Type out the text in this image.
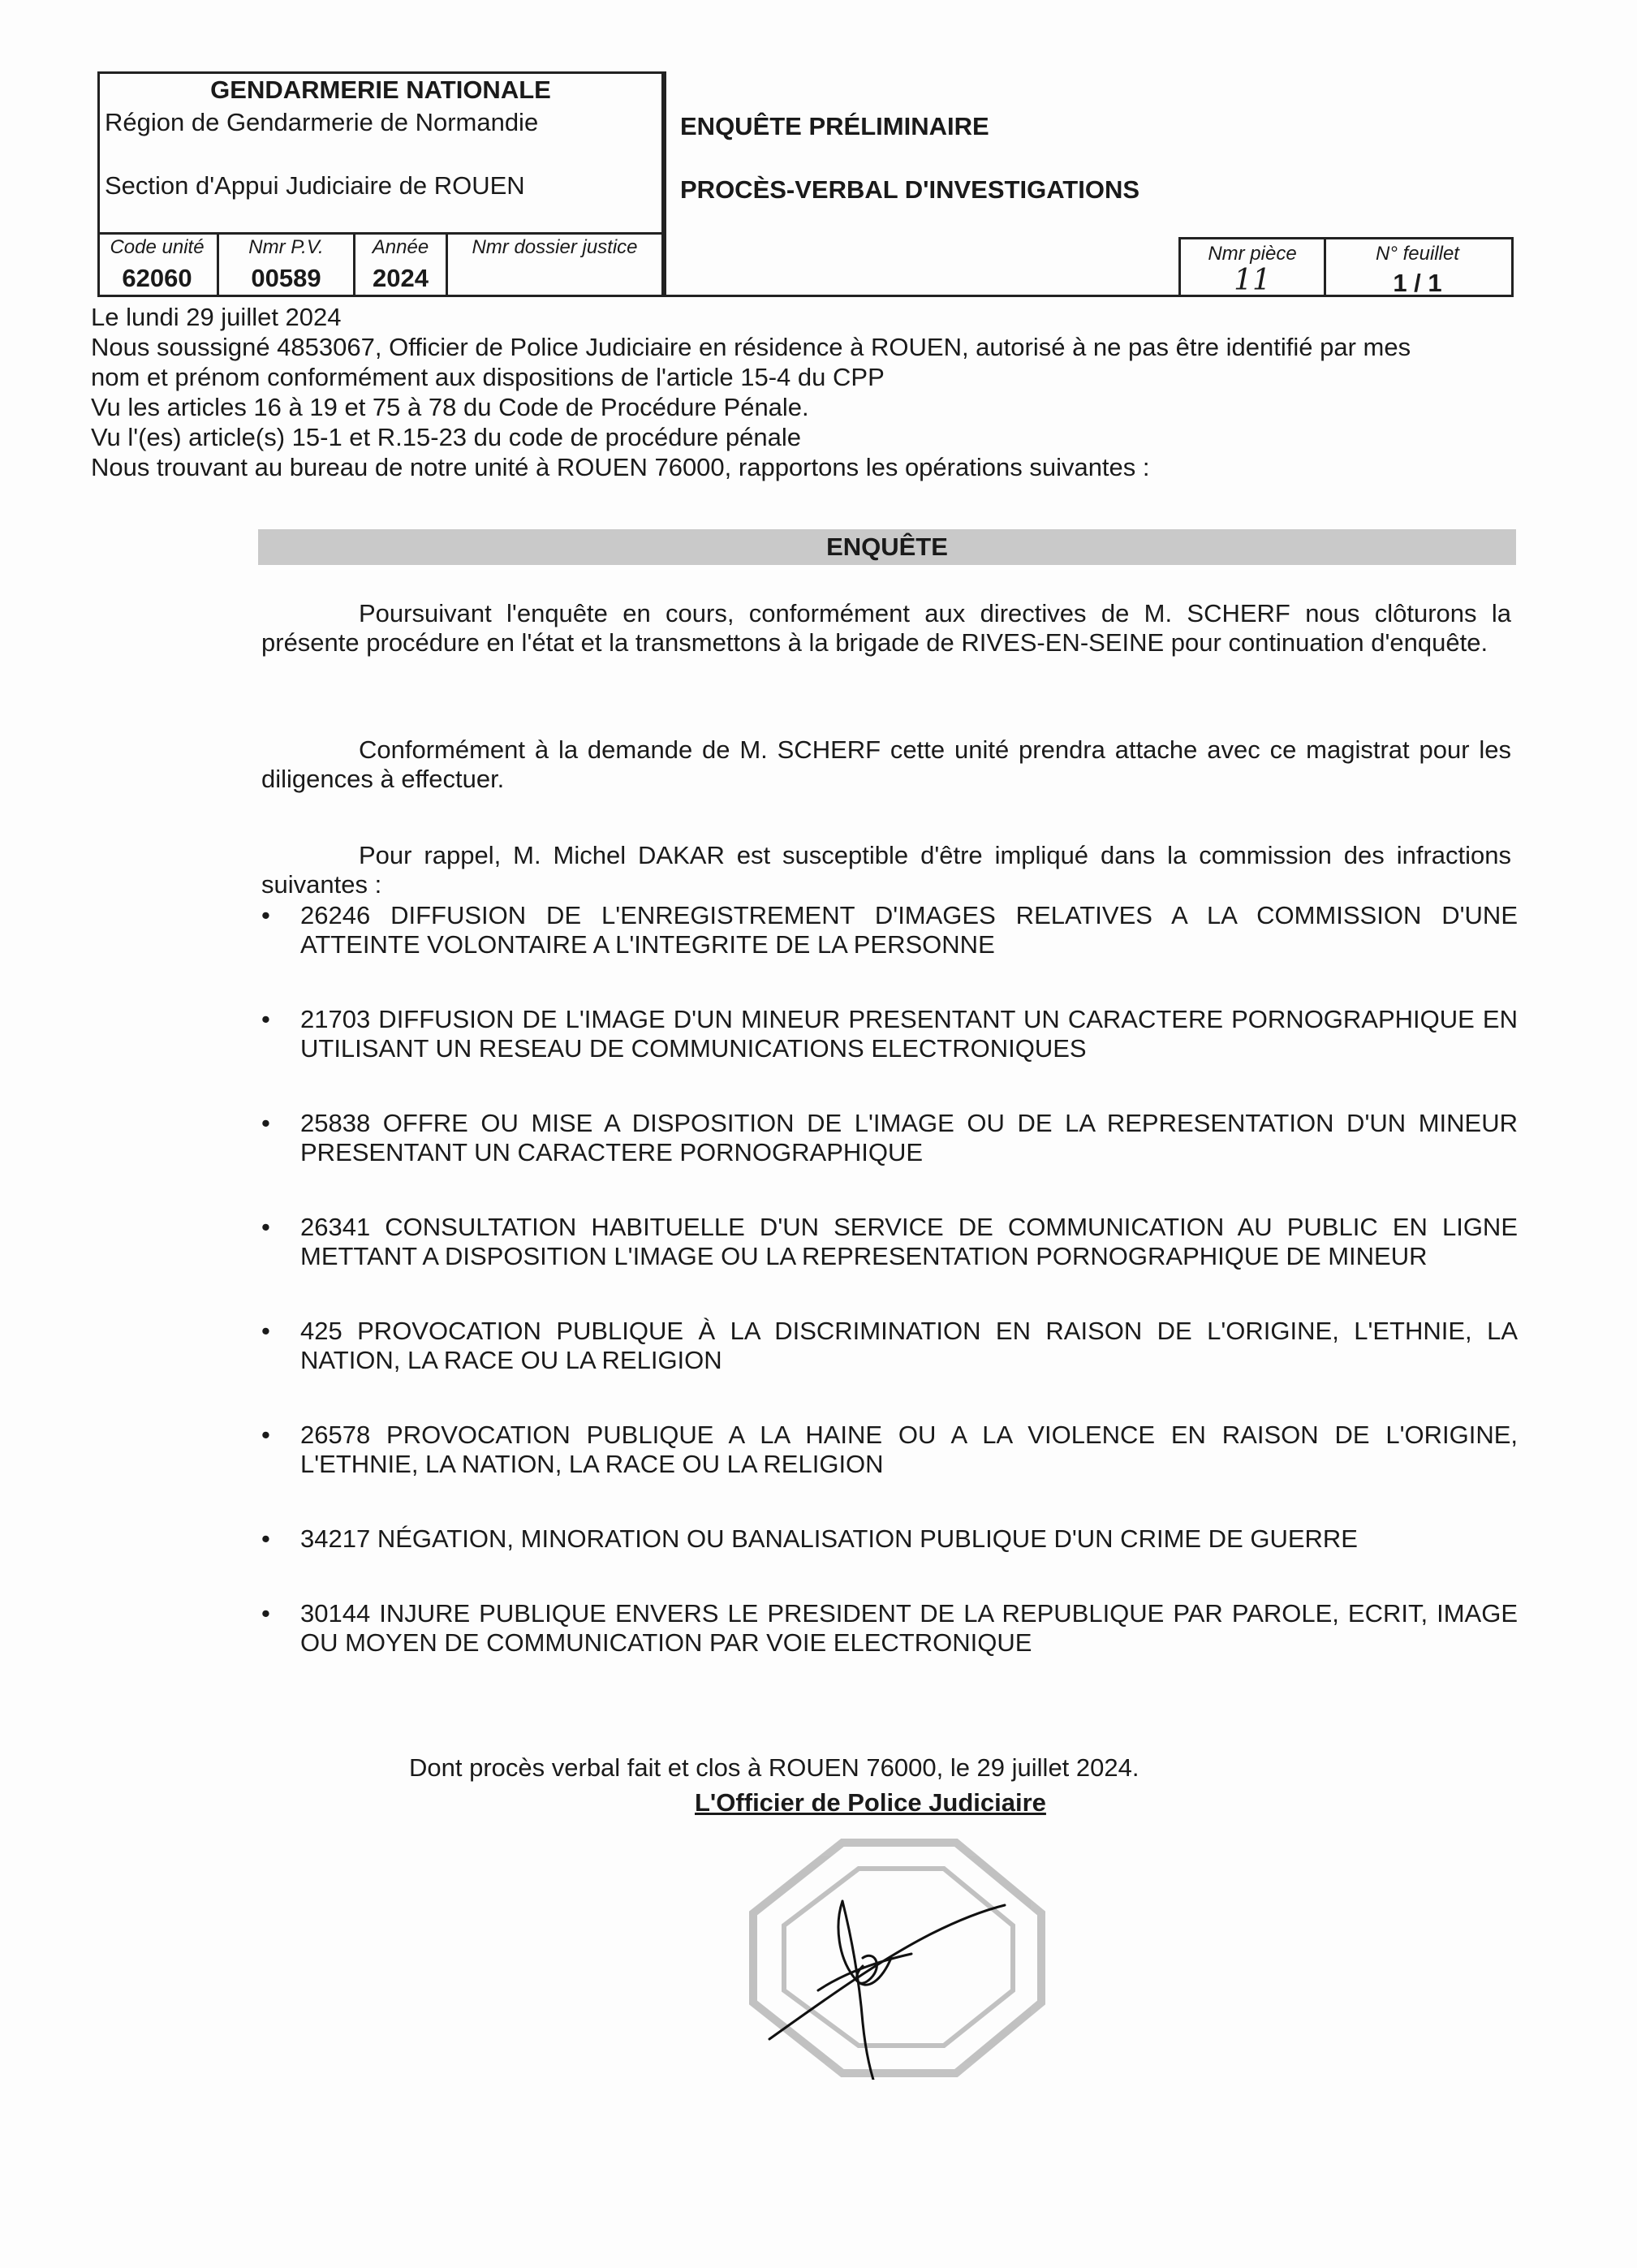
GENDARMERIE NATIONALE
Région de Gendarmerie de Normandie
Section d'Appui Judiciaire de ROUEN
Code unité
62060
Nmr P.V.
00589
Année
2024
Nmr dossier justice
ENQUÊTE PRÉLIMINAIRE
PROCÈS-VERBAL D'INVESTIGATIONS
Nmr pièce
11
N° feuillet
1 / 1
Le lundi 29 juillet 2024
Nous soussigné 4853067, Officier de Police Judiciaire en résidence à ROUEN, autorisé à ne pas être identifié par mes
nom et prénom conformément aux dispositions de l'article 15-4 du CPP
Vu les articles 16 à 19 et 75 à 78 du Code de Procédure Pénale.
Vu l'(es) article(s) 15-1 et R.15-23 du code de procédure pénale
Nous trouvant au bureau de notre unité à ROUEN 76000, rapportons les opérations suivantes :
ENQUÊTE
Poursuivant l'enquête en cours, conformément aux directives de M. SCHERF nous clôturons la présente procédure en l'état et la transmettons à la brigade de RIVES-EN-SEINE pour continuation d'enquête.
Conformément à la demande de M. SCHERF cette unité prendra attache avec ce magistrat pour les diligences à effectuer.
Pour rappel, M. Michel DAKAR est susceptible d'être impliqué dans la commission des infractions suivantes :
• 26246 DIFFUSION DE L'ENREGISTREMENT D'IMAGES RELATIVES A LA COMMISSION D'UNE ATTEINTE VOLONTAIRE A L'INTEGRITE DE LA PERSONNE
• 21703 DIFFUSION DE L'IMAGE D'UN MINEUR PRESENTANT UN CARACTERE PORNOGRAPHIQUE EN UTILISANT UN RESEAU DE COMMUNICATIONS ELECTRONIQUES
• 25838 OFFRE OU MISE A DISPOSITION DE L'IMAGE OU DE LA REPRESENTATION D'UN MINEUR PRESENTANT UN CARACTERE PORNOGRAPHIQUE
• 26341 CONSULTATION HABITUELLE D'UN SERVICE DE COMMUNICATION AU PUBLIC EN LIGNE METTANT A DISPOSITION L'IMAGE OU LA REPRESENTATION PORNOGRAPHIQUE DE MINEUR
• 425 PROVOCATION PUBLIQUE À LA DISCRIMINATION EN RAISON DE L'ORIGINE, L'ETHNIE, LA NATION, LA RACE OU LA RELIGION
• 26578 PROVOCATION PUBLIQUE A LA HAINE OU A LA VIOLENCE EN RAISON DE L'ORIGINE, L'ETHNIE, LA NATION, LA RACE OU LA RELIGION
• 34217 NÉGATION, MINORATION OU BANALISATION PUBLIQUE D'UN CRIME DE GUERRE
• 30144 INJURE PUBLIQUE ENVERS LE PRESIDENT DE LA REPUBLIQUE PAR PAROLE, ECRIT, IMAGE OU MOYEN DE COMMUNICATION PAR VOIE ELECTRONIQUE
Dont procès verbal fait et clos à ROUEN 76000, le 29 juillet 2024.
L'Officier de Police Judiciaire
